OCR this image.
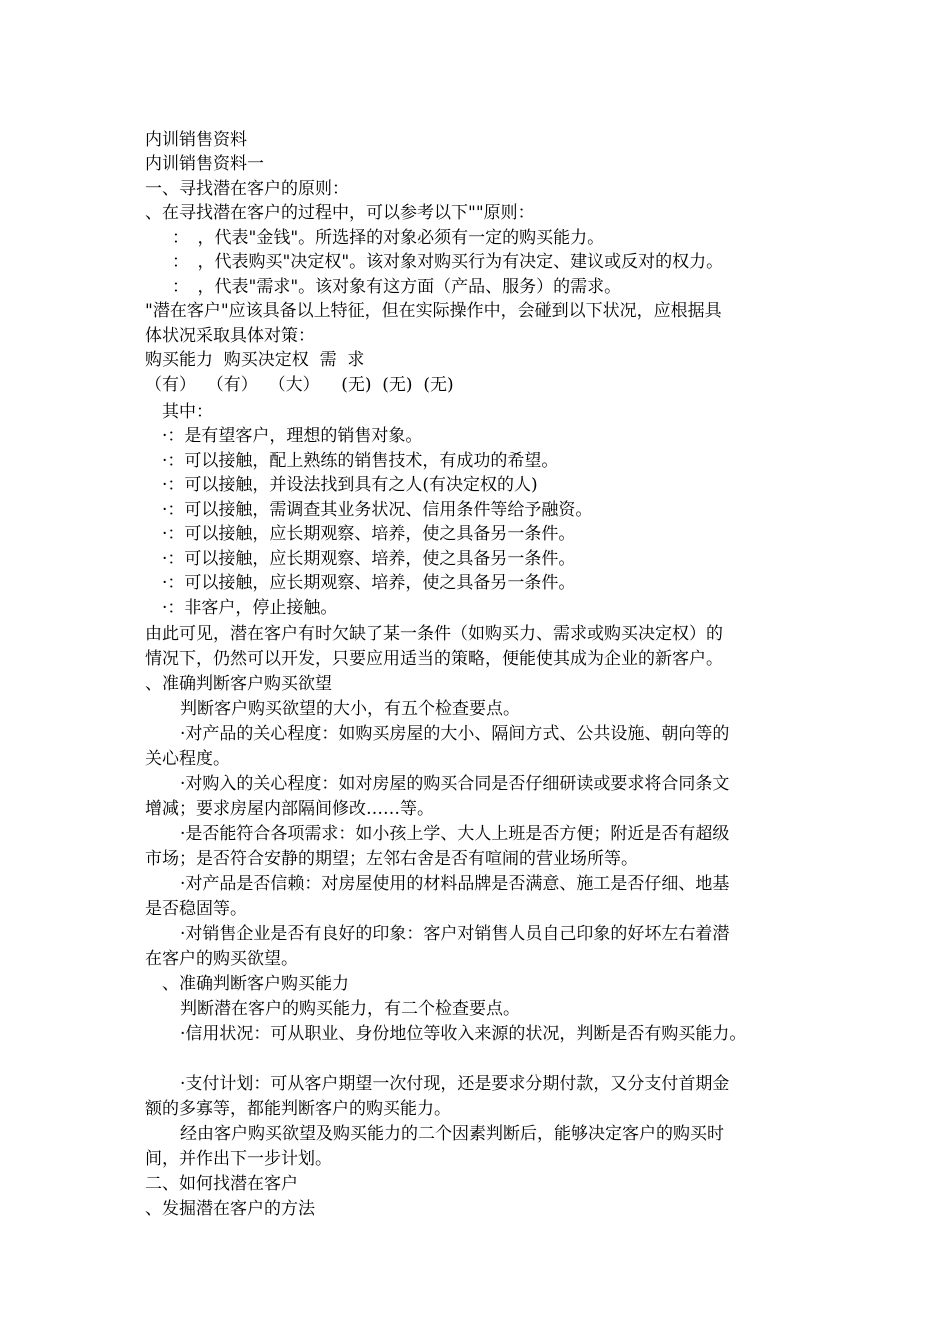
内训销售资料
内训销售资料一
一、寻找潜在客户的原则：
、在寻找潜在客户的过程中，可以参考以下""原则：
：　，代表"金钱"。所选择的对象必须有一定的购买能力。
：　，代表购买"决定权"。该对象对购买行为有决定、建议或反对的权力。
：　，代表"需求"。该对象有这方面（产品、服务）的需求。
"潜在客户"应该具备以上特征，但在实际操作中，会碰到以下状况，应根据具
体状况采取具体对策：
购买能力  购买决定权  需  求
（有）  （有）  （大）    (无)  (无)  (无)
其中：
·：是有望客户，理想的销售对象。
·：可以接触，配上熟练的销售技术，有成功的希望。
·：可以接触，并设法找到具有之人(有决定权的人)
·：可以接触，需调查其业务状况、信用条件等给予融资。
·：可以接触，应长期观察、培养，使之具备另一条件。
·：可以接触，应长期观察、培养，使之具备另一条件。
·：可以接触，应长期观察、培养，使之具备另一条件。
·：非客户，停止接触。
由此可见，潜在客户有时欠缺了某一条件（如购买力、需求或购买决定权）的
情况下，仍然可以开发，只要应用适当的策略，便能使其成为企业的新客户。
、准确判断客户购买欲望
判断客户购买欲望的大小，有五个检查要点。
·对产品的关心程度：如购买房屋的大小、隔间方式、公共设施、朝向等的
关心程度。
·对购入的关心程度：如对房屋的购买合同是否仔细研读或要求将合同条文
增减；要求房屋内部隔间修改……等。
·是否能符合各项需求：如小孩上学、大人上班是否方便；附近是否有超级
市场；是否符合安静的期望；左邻右舍是否有喧闹的营业场所等。
·对产品是否信赖：对房屋使用的材料品牌是否满意、施工是否仔细、地基
是否稳固等。
·对销售企业是否有良好的印象：客户对销售人员自己印象的好坏左右着潜
在客户的购买欲望。
、准确判断客户购买能力
判断潜在客户的购买能力，有二个检查要点。
·信用状况：可从职业、身份地位等收入来源的状况，判断是否有购买能力。
·支付计划：可从客户期望一次付现，还是要求分期付款，又分支付首期金
额的多寡等，都能判断客户的购买能力。
经由客户购买欲望及购买能力的二个因素判断后，能够决定客户的购买时
间，并作出下一步计划。
二、如何找潜在客户
、发掘潜在客户的方法
